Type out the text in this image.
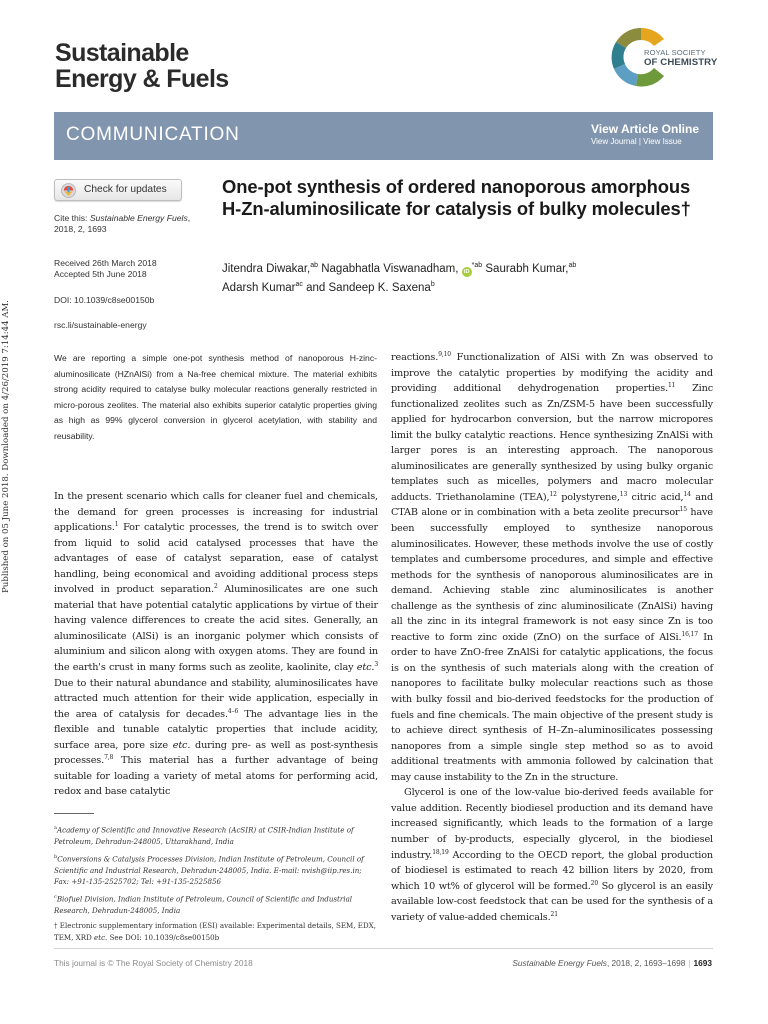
Sustainable
Energy & Fuels
ROYAL SOCIETY
OF CHEMISTRY
COMMUNICATION	View Article Online
View Journal | View Issue
Published on 05 June 2018. Downloaded on 4/26/2019 7:14:44 AM.
Check for updates
Cite this: Sustainable Energy Fuels, 2018, 2, 1693
Received 26th March 2018
Accepted 5th June 2018
DOI: 10.1039/c8se00150b
rsc.li/sustainable-energy
One-pot synthesis of ordered nanoporous amorphous H-Zn-aluminosilicate for catalysis of bulky molecules†
Jitendra Diwakar,$^{ab}$ Nagabhatla Viswanadham, $iD^{*ab}$ Saurabh Kumar,$^{ab}$
Adarsh Kumar$^{ac}$ and Sandeep K. Saxena$^b$
We are reporting a simple one-pot synthesis method of nanoporous H-zinc-aluminosilicate (HZnAlSi) from a Na-free chemical mixture. The material exhibits strong acidity required to catalyse bulky molecular reactions generally restricted in micro-porous zeolites. The material also exhibits superior catalytic properties giving as high as 99% glycerol conversion in glycerol acetylation, with stability and reusability.

In the present scenario which calls for cleaner fuel and chemicals, the demand for green processes is increasing for industrial applications.$^1$ For catalytic processes, the trend is to switch over from liquid to solid acid catalysed processes that have the advantages of ease of catalyst separation, ease of catalyst handling, being economical and avoiding additional process steps involved in product separation.$^2$ Aluminosilicates are one such material that have potential catalytic applications by virtue of their having valence differences to create the acid sites. Generally, an aluminosilicate (AlSi) is an inorganic polymer which consists of aluminium and silicon along with oxygen atoms. They are found in the earth's crust in many forms such as zeolite, kaolinite, clay etc.$^3$ Due to their natural abundance and stability, aluminosilicates have attracted much attention for their wide application, especially in the area of catalysis for decades.$^{4-6}$ The advantage lies in the flexible and tunable catalytic properties that include acidity, surface area, pore size etc. during pre- as well as post-synthesis processes.$^{7,8}$ This material has a further advantage of being suitable for loading a variety of metal atoms for performing acid, redox and base catalytic

reactions.$^{9,10}$ Functionalization of AlSi with Zn was observed to improve the catalytic properties by modifying the acidity and providing additional dehydrogenation properties.$^{11}$ Zinc functionalized zeolites such as Zn/ZSM-5 have been successfully applied for hydrocarbon conversion, but the narrow micropores limit the bulky catalytic reactions. Hence synthesizing ZnAlSi with larger pores is an interesting approach. The nanoporous aluminosilicates are generally synthesized by using bulky organic templates such as micelles, polymers and macro molecular adducts. Triethanolamine (TEA),$^{12}$ polystyrene,$^{13}$ citric acid,$^{14}$ and CTAB alone or in combination with a beta zeolite precursor$^{15}$ have been successfully employed to synthesize nanoporous aluminosilicates. However, these methods involve the use of costly templates and cumbersome procedures, and simple and effective methods for the synthesis of nanoporous aluminosilicates are in demand. Achieving stable zinc aluminosilicates is another challenge as the synthesis of zinc aluminosilicate (ZnAlSi) having all the zinc in its integral framework is not easy since Zn is too reactive to form zinc oxide (ZnO) on the surface of AlSi.$^{16,17}$ In order to have ZnO-free ZnAlSi for catalytic applications, the focus is on the synthesis of such materials along with the creation of nanopores to facilitate bulky molecular reactions such as those with bulky fossil and bio-derived feedstocks for the production of fuels and fine chemicals. The main objective of the present study is to achieve direct synthesis of H–Zn–aluminosilicates possessing nanopores from a simple single step method so as to avoid additional treatments with ammonia followed by calcination that may cause instability to the Zn in the structure.

Glycerol is one of the low-value bio-derived feeds available for value addition. Recently biodiesel production and its demand have increased significantly, which leads to the formation of a large number of by-products, especially glycerol, in the biodiesel industry.$^{18,19}$ According to the OECD report, the global production of biodiesel is estimated to reach 42 billion liters by 2020, from which 10 wt% of glycerol will be formed.$^{20}$ So glycerol is an easily available low-cost feedstock that can be used for the synthesis of a variety of value-added chemicals.$^{21}$

$^a$Academy of Scientific and Innovative Research (AcSIR) at CSIR-Indian Institute of Petroleum, Dehradun-248005, Uttarakhand, India

$^b$Conversions & Catalysis Processes Division, Indian Institute of Petroleum, Council of Scientific and Industrial Research, Dehradun-248005, India. E-mail: nvish@iip.res.in; Fax: +91-135-2525702; Tel: +91-135-2525856

$^c$Biofuel Division, Indian Institute of Petroleum, Council of Scientific and Industrial Research, Dehradun-248005, India

† Electronic supplementary information (ESI) available: Experimental details, SEM, EDX, TEM, XRD etc. See DOI: 10.1039/c8se00150b

This journal is © The Royal Society of Chemistry 2018	Sustainable Energy Fuels, 2018, 2, 1693–1698 | 1693
